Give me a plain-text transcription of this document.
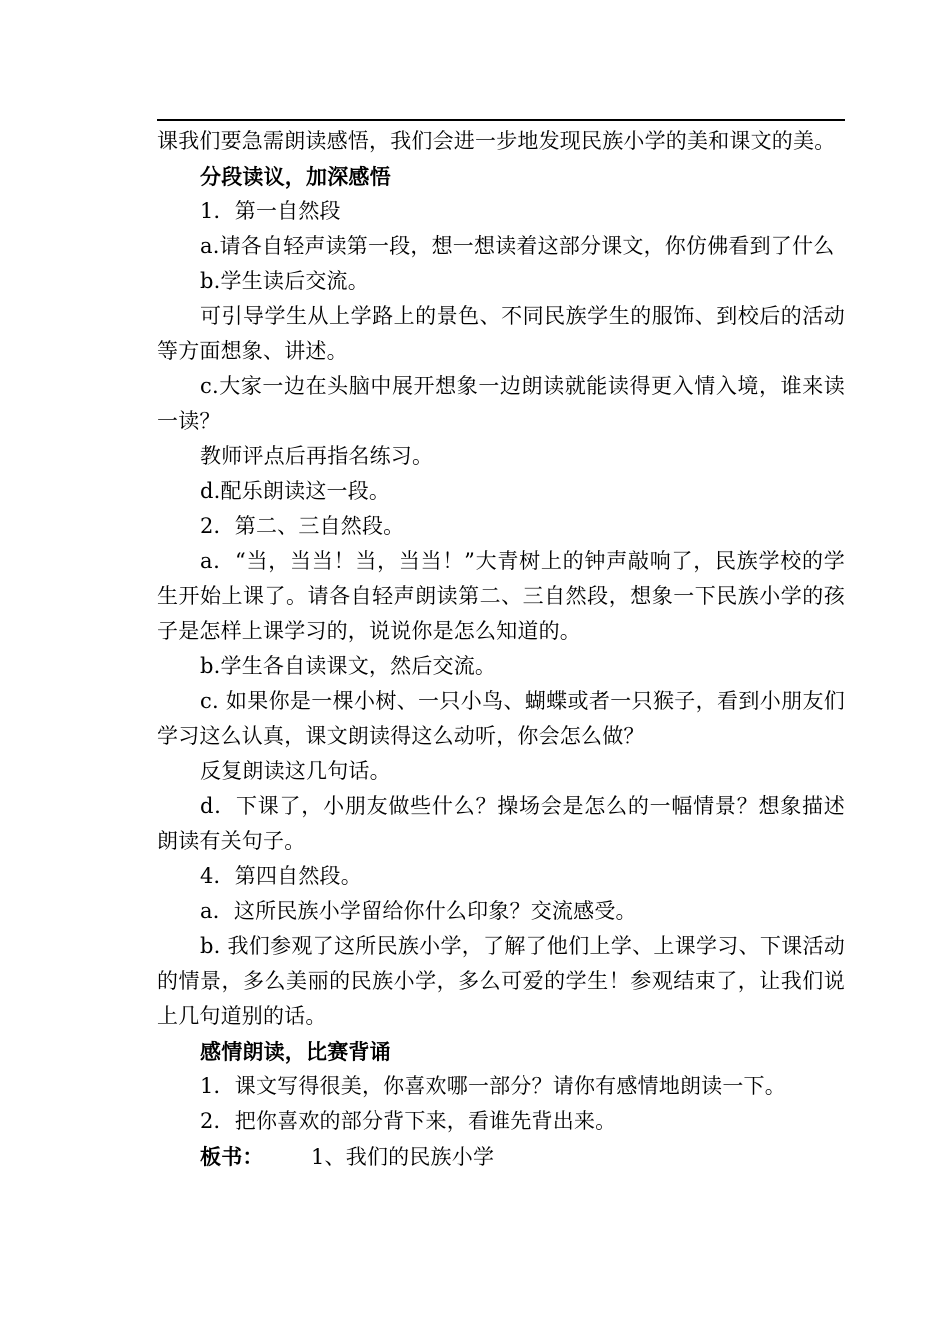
课我们要急需朗读感悟，我们会进一步地发现民族小学的美和课文的美。
分段读议，加深感悟
1．第一自然段
a.请各自轻声读第一段，想一想读着这部分课文，你仿佛看到了什么
b.学生读后交流。
可引导学生从上学路上的景色、不同民族学生的服饰、到校后的活动等方面想象、讲述。
c.大家一边在头脑中展开想象一边朗读就能读得更入情入境，谁来读一读？
教师评点后再指名练习。
d.配乐朗读这一段。
2．第二、三自然段。
a．“当，当当！当，当当！”大青树上的钟声敲响了，民族学校的学生开始上课了。请各自轻声朗读第二、三自然段，想象一下民族小学的孩子是怎样上课学习的，说说你是怎么知道的。
b.学生各自读课文，然后交流。
c. 如果你是一棵小树、一只小鸟、蝴蝶或者一只猴子，看到小朋友们学习这么认真，课文朗读得这么动听，你会怎么做？
反复朗读这几句话。
d．下课了，小朋友做些什么？操场会是怎么的一幅情景？想象描述朗读有关句子。
4．第四自然段。
a．这所民族小学留给你什么印象？交流感受。
b. 我们参观了这所民族小学，了解了他们上学、上课学习、下课活动的情景，多么美丽的民族小学，多么可爱的学生！参观结束了，让我们说上几句道别的话。
感情朗读，比赛背诵
1．课文写得很美，你喜欢哪一部分？请你有感情地朗读一下。
2．把你喜欢的部分背下来，看谁先背出来。
板书： 1、我们的民族小学
